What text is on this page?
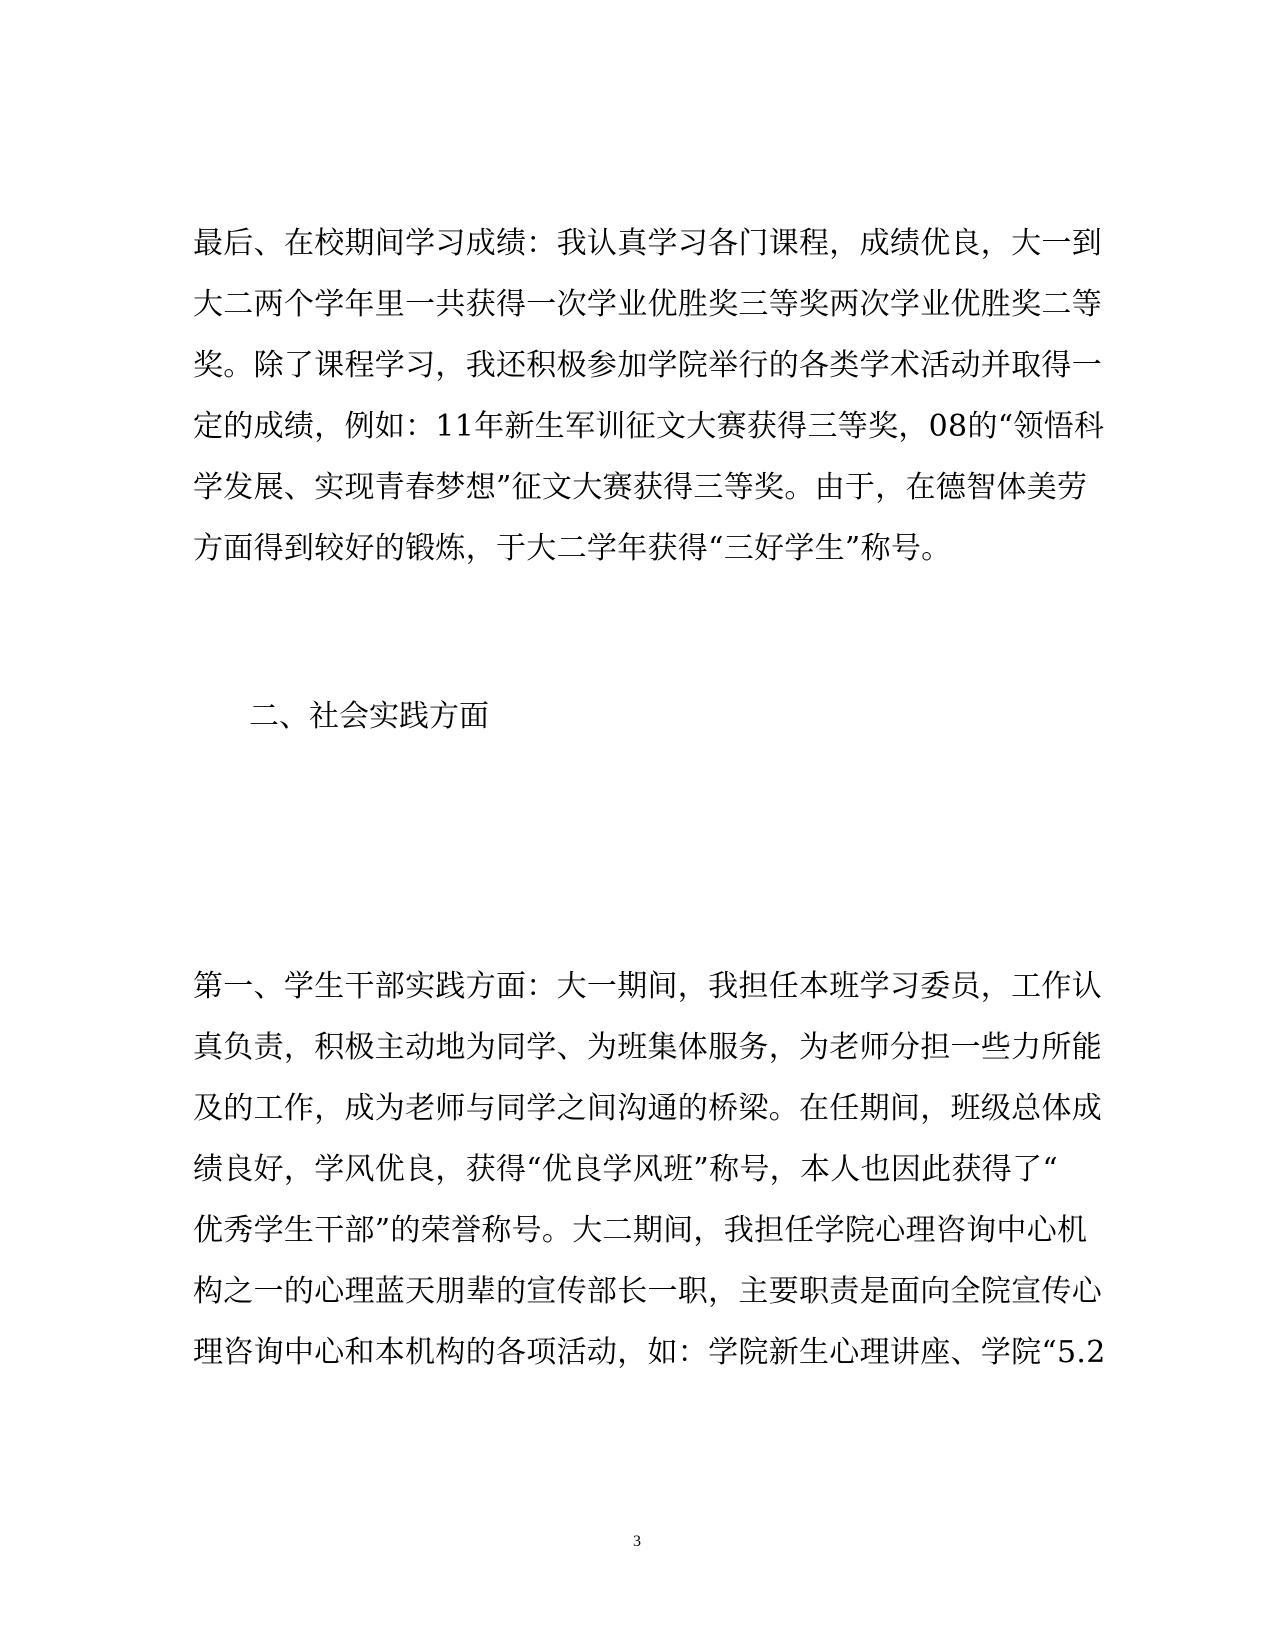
最后、在校期间学习成绩：我认真学习各门课程，成绩优良，大一到
大二两个学年里一共获得一次学业优胜奖三等奖两次学业优胜奖二等
奖。除了课程学习，我还积极参加学院举行的各类学术活动并取得一
定的成绩，例如：11年新生军训征文大赛获得三等奖，08的“领悟科
学发展、实现青春梦想”征文大赛获得三等奖。由于，在德智体美劳
方面得到较好的锻炼，于大二学年获得“三好学生”称号。
二、社会实践方面
第一、学生干部实践方面：大一期间，我担任本班学习委员，工作认
真负责，积极主动地为同学、为班集体服务，为老师分担一些力所能
及的工作，成为老师与同学之间沟通的桥梁。在任期间，班级总体成
绩良好，学风优良，获得“优良学风班”称号，本人也因此获得了“
优秀学生干部”的荣誉称号。大二期间，我担任学院心理咨询中心机
构之一的心理蓝天朋辈的宣传部长一职，主要职责是面向全院宣传心
理咨询中心和本机构的各项活动，如：学院新生心理讲座、学院“5.2
3
